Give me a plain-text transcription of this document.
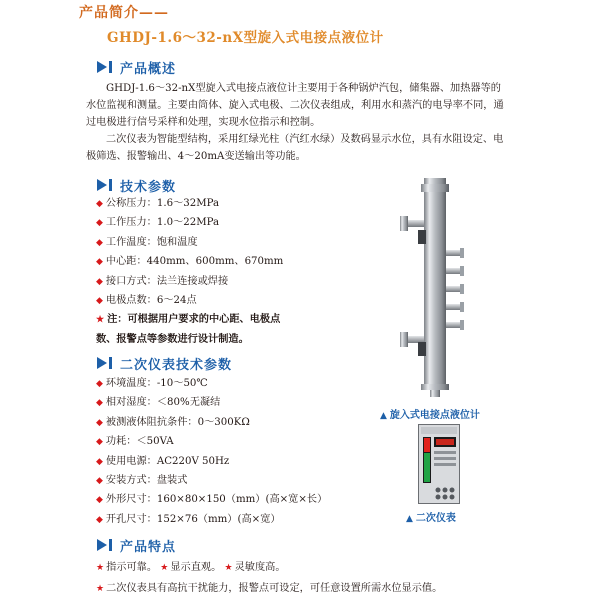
产品简介——
GHDJ-1.6～32-nX型旋入式电接点液位计
产品概述

GHDJ-1.6～32-nX型旋入式电接点液位计主要用于各种锅炉汽包，储集器、加热器等的水位监视和测量。主要由筒体、旋入式电极、二次仪表组成，利用水和蒸汽的电导率不同，通过电极进行信号采样和处理，实现水位指示和控制。

二次仪表为智能型结构，采用红绿光柱（汽红水绿）及数码显示水位，具有水阻设定、电极筛选、报警输出、4～20mA变送输出等功能。

技术参数
◆ 公称压力：1.6～32MPa
◆ 工作压力：1.0～22MPa
◆ 工作温度：饱和温度
◆ 中心距：440mm、600mm、670mm
◆ 接口方式：法兰连接或焊接
◆ 电极点数：6～24点
★ 注：可根据用户要求的中心距、电极点
数、报警点等参数进行设计制造。
二次仪表技术参数
◆ 环境温度：-10～50℃
◆ 相对湿度：＜80%无凝结
◆ 被测液体阻抗条件：0～300KΩ
◆ 功耗：＜50VA
◆ 使用电源：AC220V 50Hz
◆ 安装方式：盘装式
◆ 外形尺寸：160×80×150（mm）(高×宽×长）
◆ 开孔尺寸：152×76（mm）(高×宽）
产品特点
★ 指示可靠。 ★ 显示直观。 ★ 灵敏度高。
★ 二次仪表具有高抗干扰能力，报警点可设定，可任意设置所需水位显示值。
▲ 旋入式电接点液位计
▲ 二次仪表
